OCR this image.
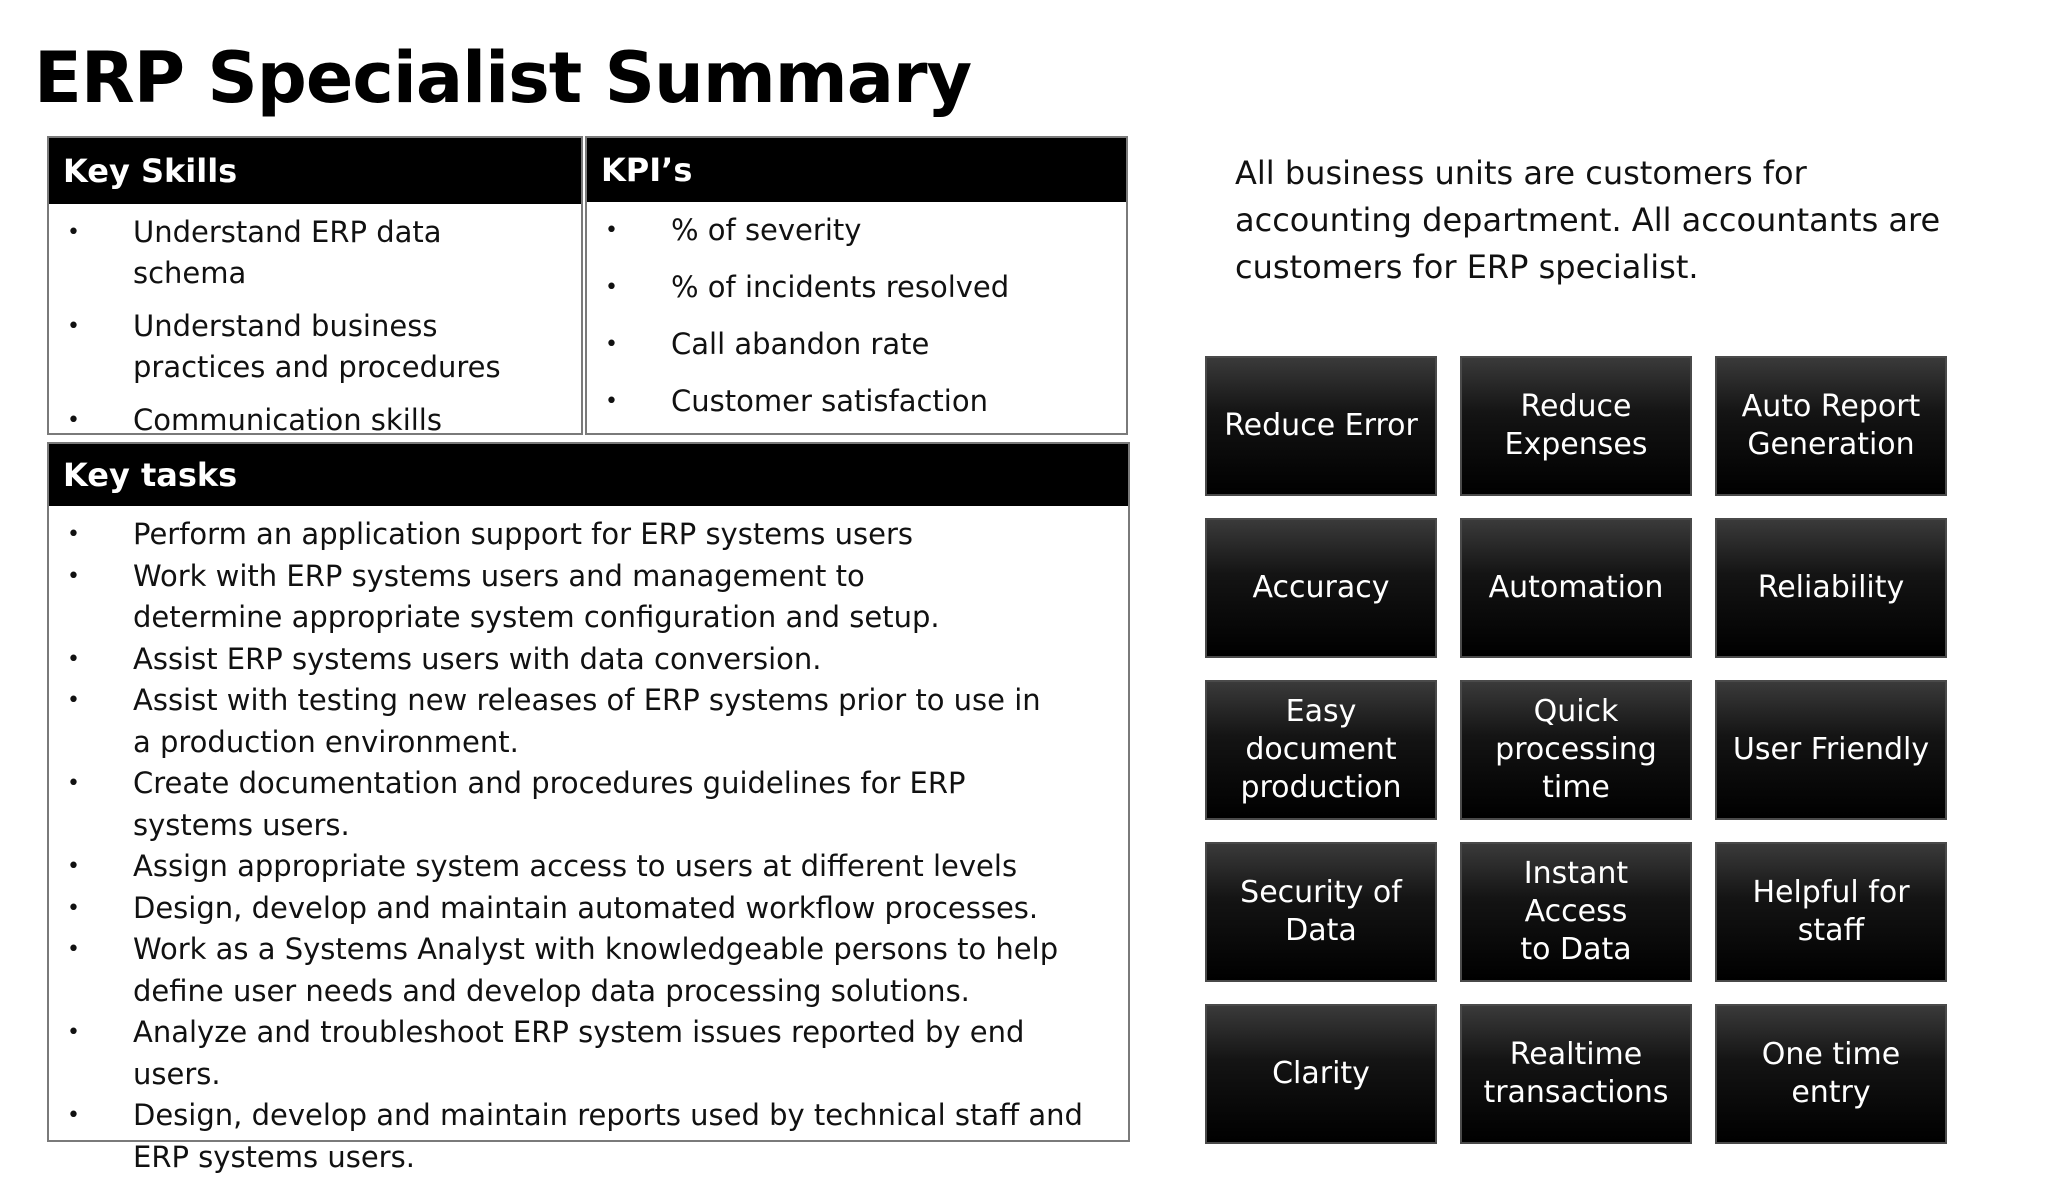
ERP Specialist Summary
Key Skills
• Understand ERP data schema
• Understand business practices and procedures
• Communication skills
KPI’s
• % of severity
• % of incidents resolved
• Call abandon rate
• Customer satisfaction
Key tasks
• Perform an application support for ERP systems users
• Work with ERP systems users and management to determine appropriate system configuration and setup.
• Assist ERP systems users with data conversion.
• Assist with testing new releases of ERP systems prior to use in a production environment.
• Create documentation and procedures guidelines for ERP systems users.
• Assign appropriate system access to users at different levels
• Design, develop and maintain automated workflow processes.
• Work as a Systems Analyst with knowledgeable persons to help define user needs and develop data processing solutions.
• Analyze and troubleshoot ERP system issues reported by end users.
• Design, develop and maintain reports used by technical staff and ERP systems users.
All business units are customers for accounting department. All accountants are customers for ERP specialist.
Reduce Error
Reduce
Expenses
Auto Report
Generation
Accuracy	Automation	Reliability
Easy
document
production
Quick
processing
time
User Friendly
Security of
Data
Instant Access
to Data
Helpful for
staff
Clarity
Realtime
transactions
One time
entry
